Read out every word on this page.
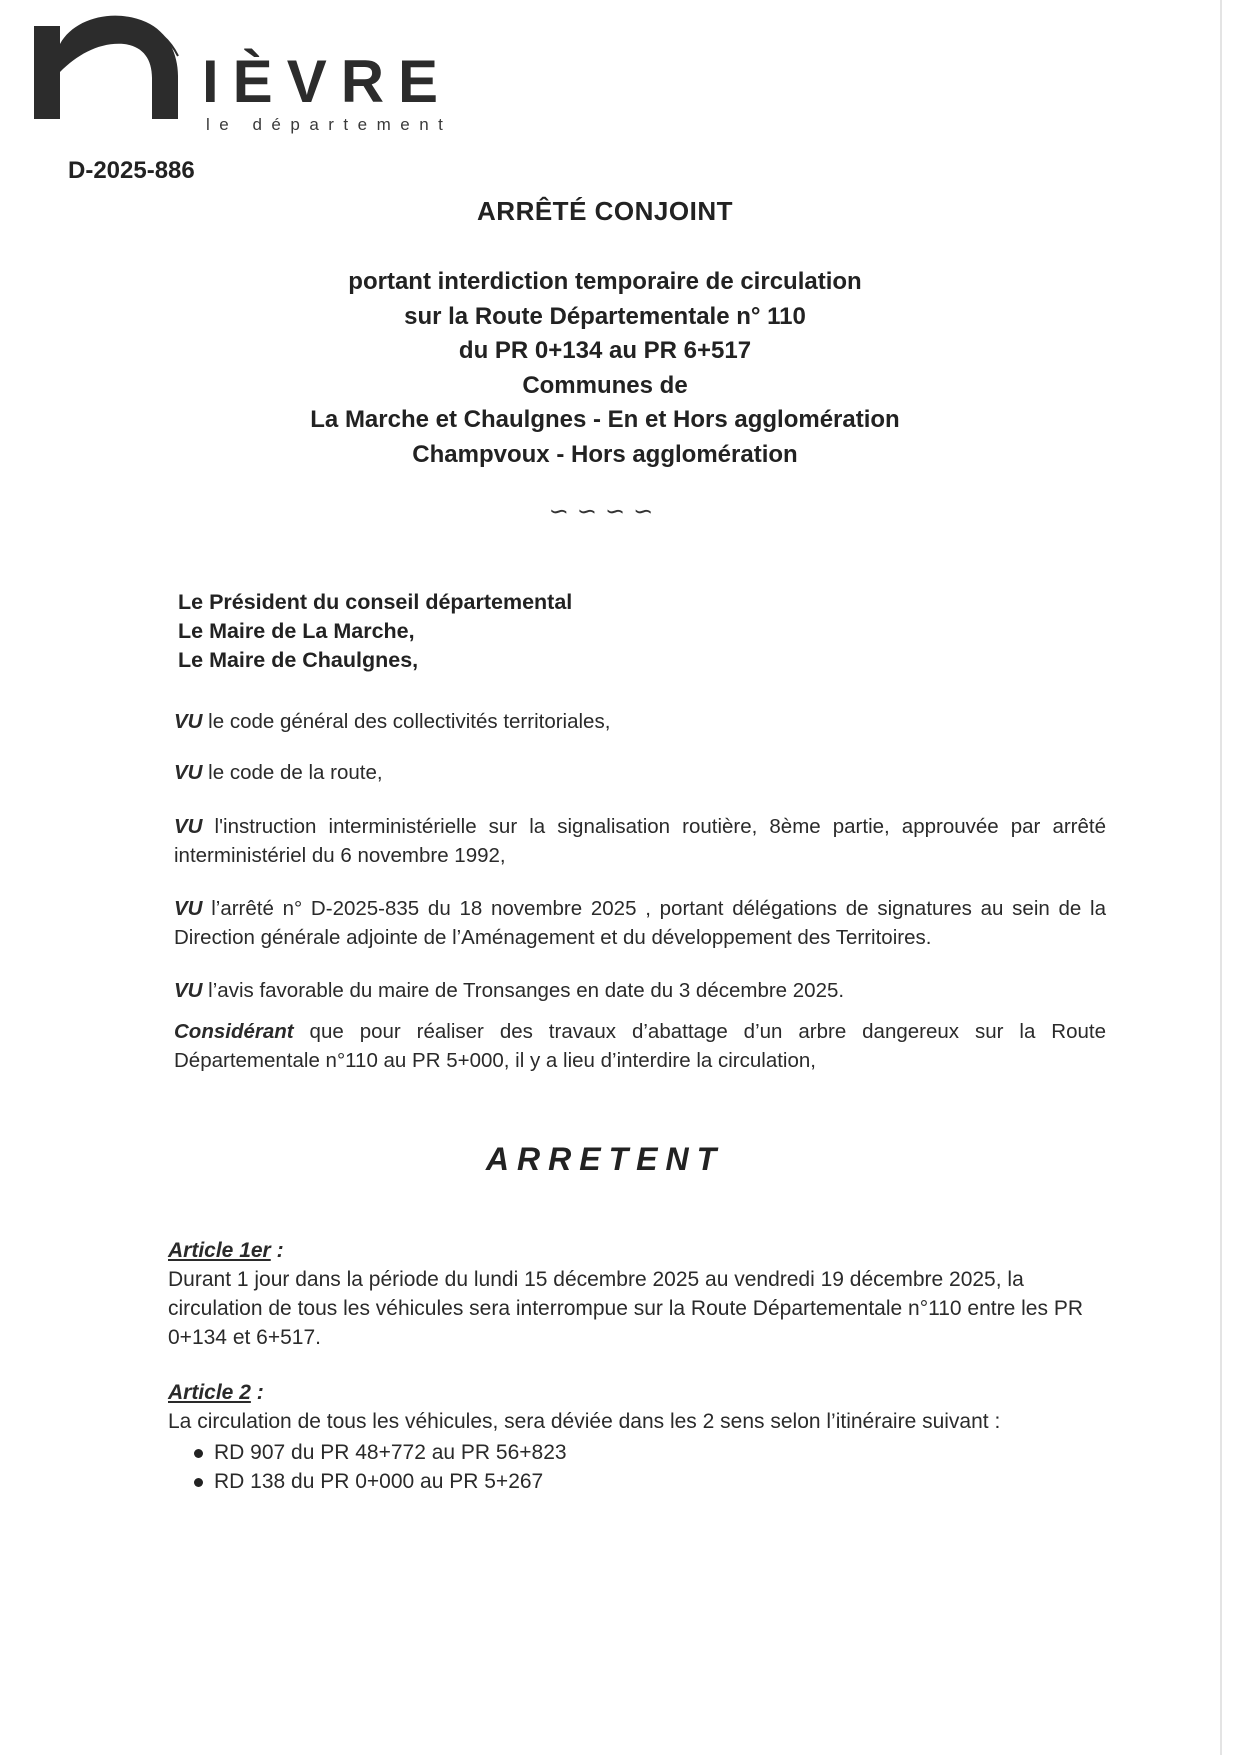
IÈVRE
le département
D-2025-886
ARRÊTÉ CONJOINT
portant interdiction temporaire de circulation
sur la Route Départementale n° 110
du PR 0+134 au PR 6+517
Communes de
La Marche et Chaulgnes - En et Hors agglomération
Champvoux - Hors agglomération
∽∽∽∽
Le Président du conseil départemental
Le Maire de La Marche,
Le Maire de Chaulgnes,
VU le code général des collectivités territoriales,
VU le code de la route,
VU l'instruction interministérielle sur la signalisation routière, 8ème partie, approuvée par arrêté interministériel du 6 novembre 1992,
VU l’arrêté n° D-2025-835 du 18 novembre 2025 , portant délégations de signatures au sein de la Direction générale adjointe de l’Aménagement et du développement des Territoires.
VU l’avis favorable du maire de Tronsanges en date du 3 décembre 2025.
Considérant que pour réaliser des travaux d’abattage d’un arbre dangereux sur la Route Départementale n°110 au PR 5+000, il y a lieu d’interdire la circulation,
ARRETENT
Article 1er :
Durant 1 jour dans la période du lundi 15 décembre 2025 au vendredi 19 décembre 2025, la circulation de tous les véhicules sera interrompue sur la Route Départementale n°110 entre les PR 0+134 et 6+517.
Article 2 :
La circulation de tous les véhicules, sera déviée dans les 2 sens selon l’itinéraire suivant :
RD 907 du PR 48+772 au PR 56+823
RD 138 du PR 0+000 au PR 5+267
